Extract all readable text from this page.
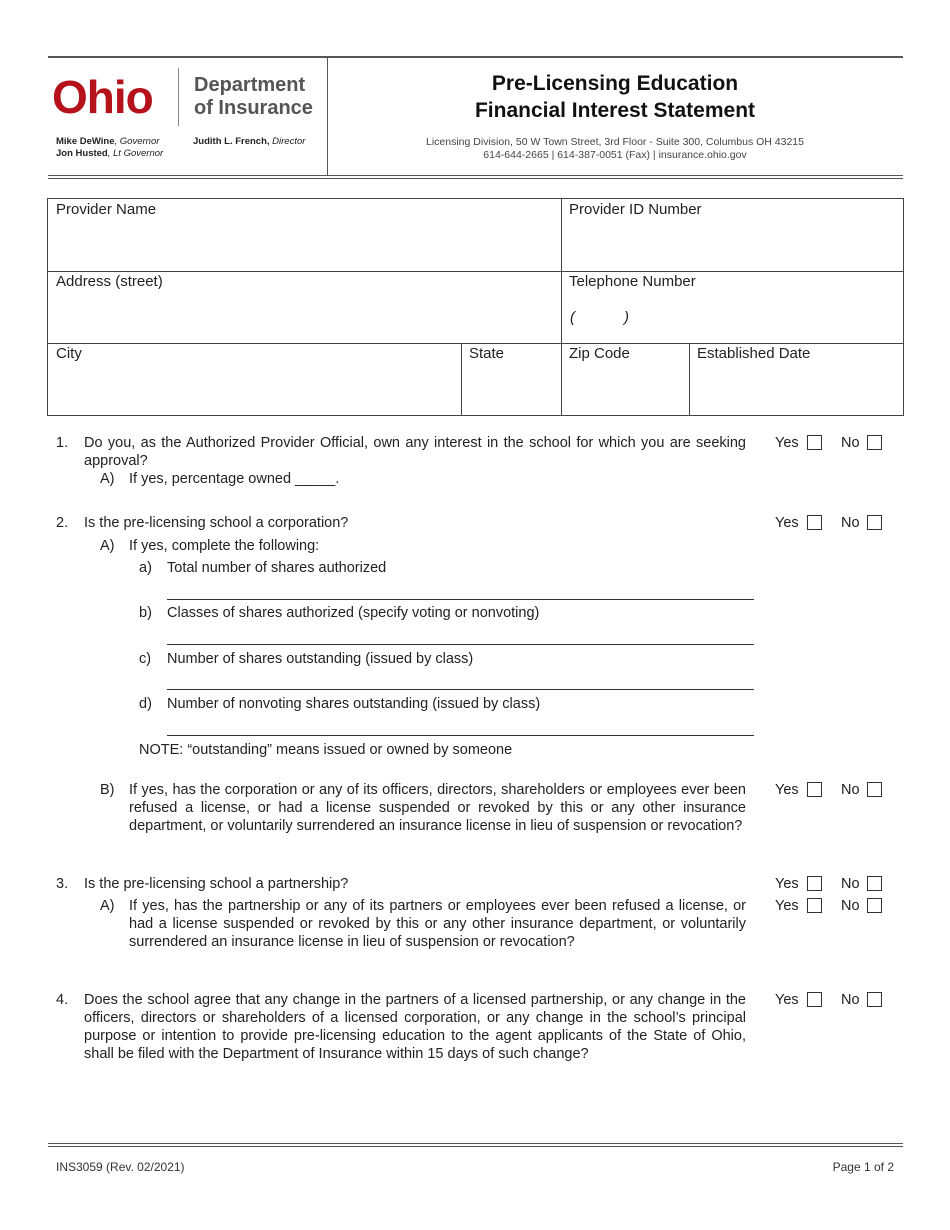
Ohio Department
of Insurance
Mike DeWine, Governor
Jon Husted, Lt Governor
Judith L. French, Director
Pre-Licensing Education
Financial Interest Statement
Licensing Division, 50 W Town Street, 3rd Floor - Suite 300, Columbus OH 43215
614-644-2665 | 614-387-0051 (Fax) | insurance.ohio.gov
Provider Name	Provider ID Number
Address (street)	Telephone Number
(	)
City	State	Zip Code	Established Date
1. Do you, as the Authorized Provider Official, own any interest in the school for which you are seeking approval?
A) If yes, percentage owned _____.
Yes	No
2. Is the pre-licensing school a corporation?	Yes	No
A) If yes, complete the following:
a) Total number of shares authorized
b) Classes of shares authorized (specify voting or nonvoting)
c) Number of shares outstanding (issued by class)
d) Number of nonvoting shares outstanding (issued by class)
NOTE: “outstanding” means issued or owned by someone
B) If yes, has the corporation or any of its officers, directors, shareholders or employees ever been refused a license, or had a license suspended or revoked by this or any other insurance department, or voluntarily surrendered an insurance license in lieu of suspension or revocation?
Yes	No
3. Is the pre-licensing school a partnership?	Yes	No
A) If yes, has the partnership or any of its partners or employees ever been refused a license, or had a license suspended or revoked by this or any other insurance department, or voluntarily surrendered an insurance license in lieu of suspension or revocation?
Yes	No
4. Does the school agree that any change in the partners of a licensed partnership, or any change in the officers, directors or shareholders of a licensed corporation, or any change in the school’s principal purpose or intention to provide pre-licensing education to the agent applicants of the State of Ohio, shall be filed with the Department of Insurance within 15 days of such change?
Yes	No
INS3059 (Rev. 02/2021)	Page 1 of 2
